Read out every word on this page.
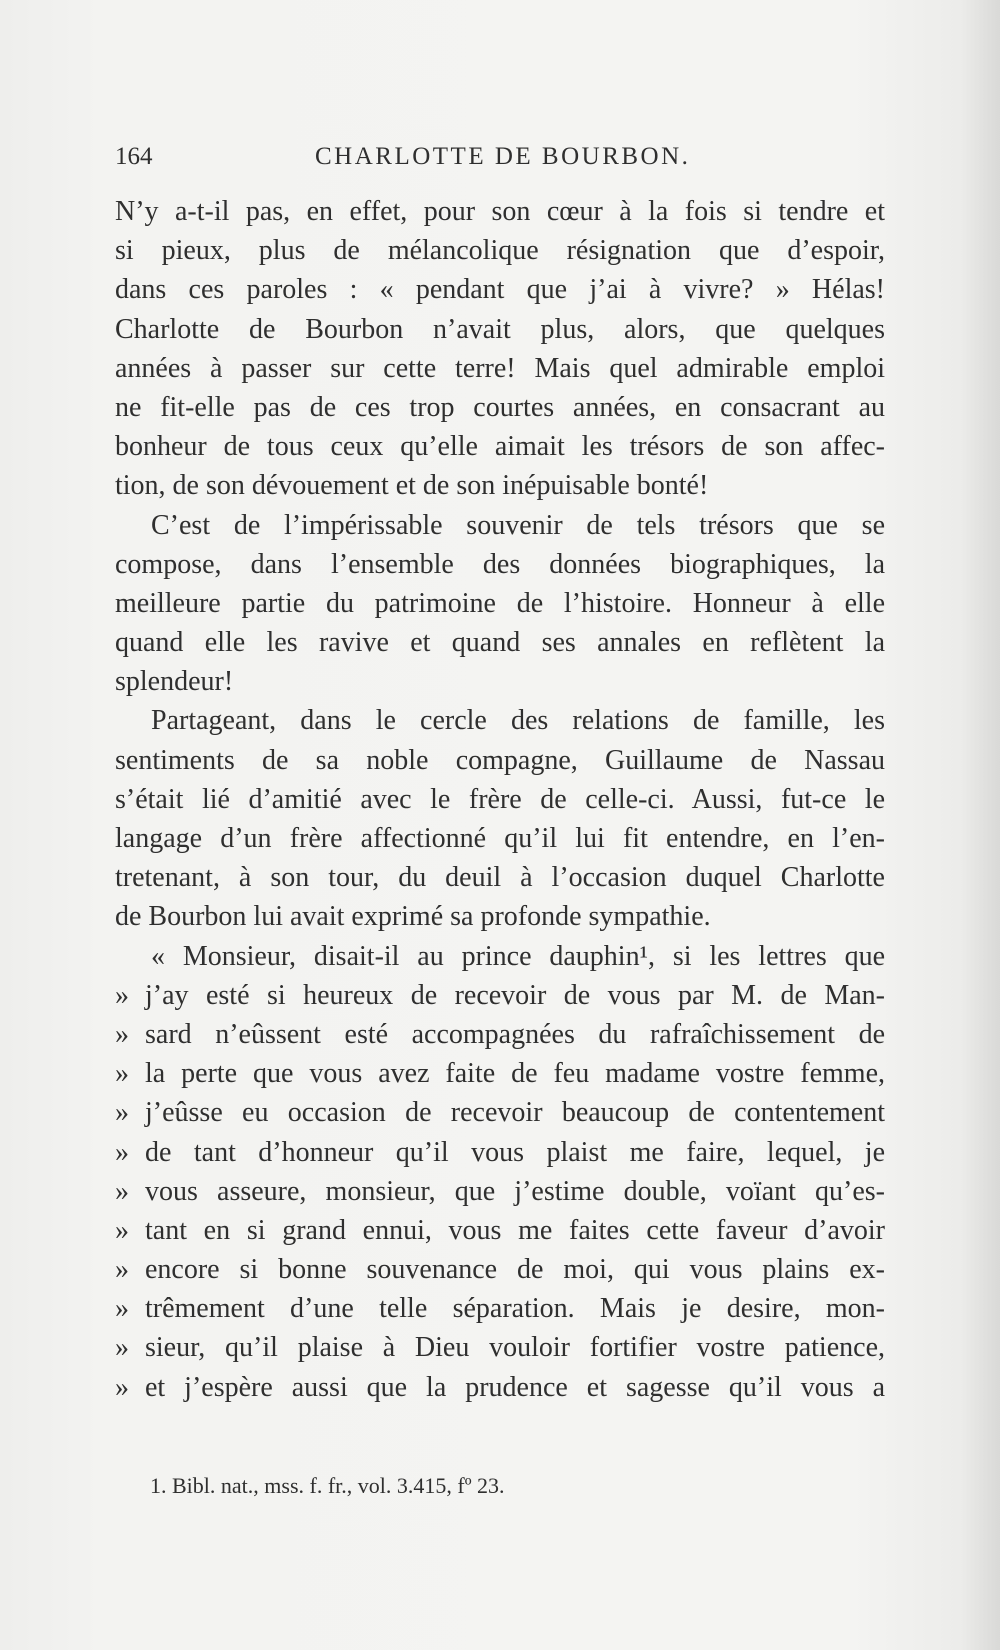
164	CHARLOTTE DE BOURBON.
N’y a-t-il pas, en effet, pour son cœur à la fois si tendre et
si pieux, plus de mélancolique résignation que d’espoir,
dans ces paroles : « pendant que j’ai à vivre? » Hélas!
Charlotte de Bourbon n’avait plus, alors, que quelques
années à passer sur cette terre! Mais quel admirable emploi
ne fit-elle pas de ces trop courtes années, en consacrant au
bonheur de tous ceux qu’elle aimait les trésors de son affec-
tion, de son dévouement et de son inépuisable bonté!
C’est de l’impérissable souvenir de tels trésors que se
compose, dans l’ensemble des données biographiques, la
meilleure partie du patrimoine de l’histoire. Honneur à elle
quand elle les ravive et quand ses annales en reflètent la
splendeur!
Partageant, dans le cercle des relations de famille, les
sentiments de sa noble compagne, Guillaume de Nassau
s’était lié d’amitié avec le frère de celle-ci. Aussi, fut-ce le
langage d’un frère affectionné qu’il lui fit entendre, en l’en-
tretenant, à son tour, du deuil à l’occasion duquel Charlotte
de Bourbon lui avait exprimé sa profonde sympathie.
« Monsieur, disait-il au prince dauphin¹, si les lettres que
» j’ay esté si heureux de recevoir de vous par M. de Man-
» sard n’eûssent esté accompagnées du rafraîchissement de
» la perte que vous avez faite de feu madame vostre femme,
» j’eûsse eu occasion de recevoir beaucoup de contentement
» de tant d’honneur qu’il vous plaist me faire, lequel, je
» vous asseure, monsieur, que j’estime double, voïant qu’es-
» tant en si grand ennui, vous me faites cette faveur d’avoir
» encore si bonne souvenance de moi, qui vous plains ex-
» trêmement d’une telle séparation. Mais je desire, mon-
» sieur, qu’il plaise à Dieu vouloir fortifier vostre patience,
» et j’espère aussi que la prudence et sagesse qu’il vous a
1. Bibl. nat., mss. f. fr., vol. 3.415, fº 23.
